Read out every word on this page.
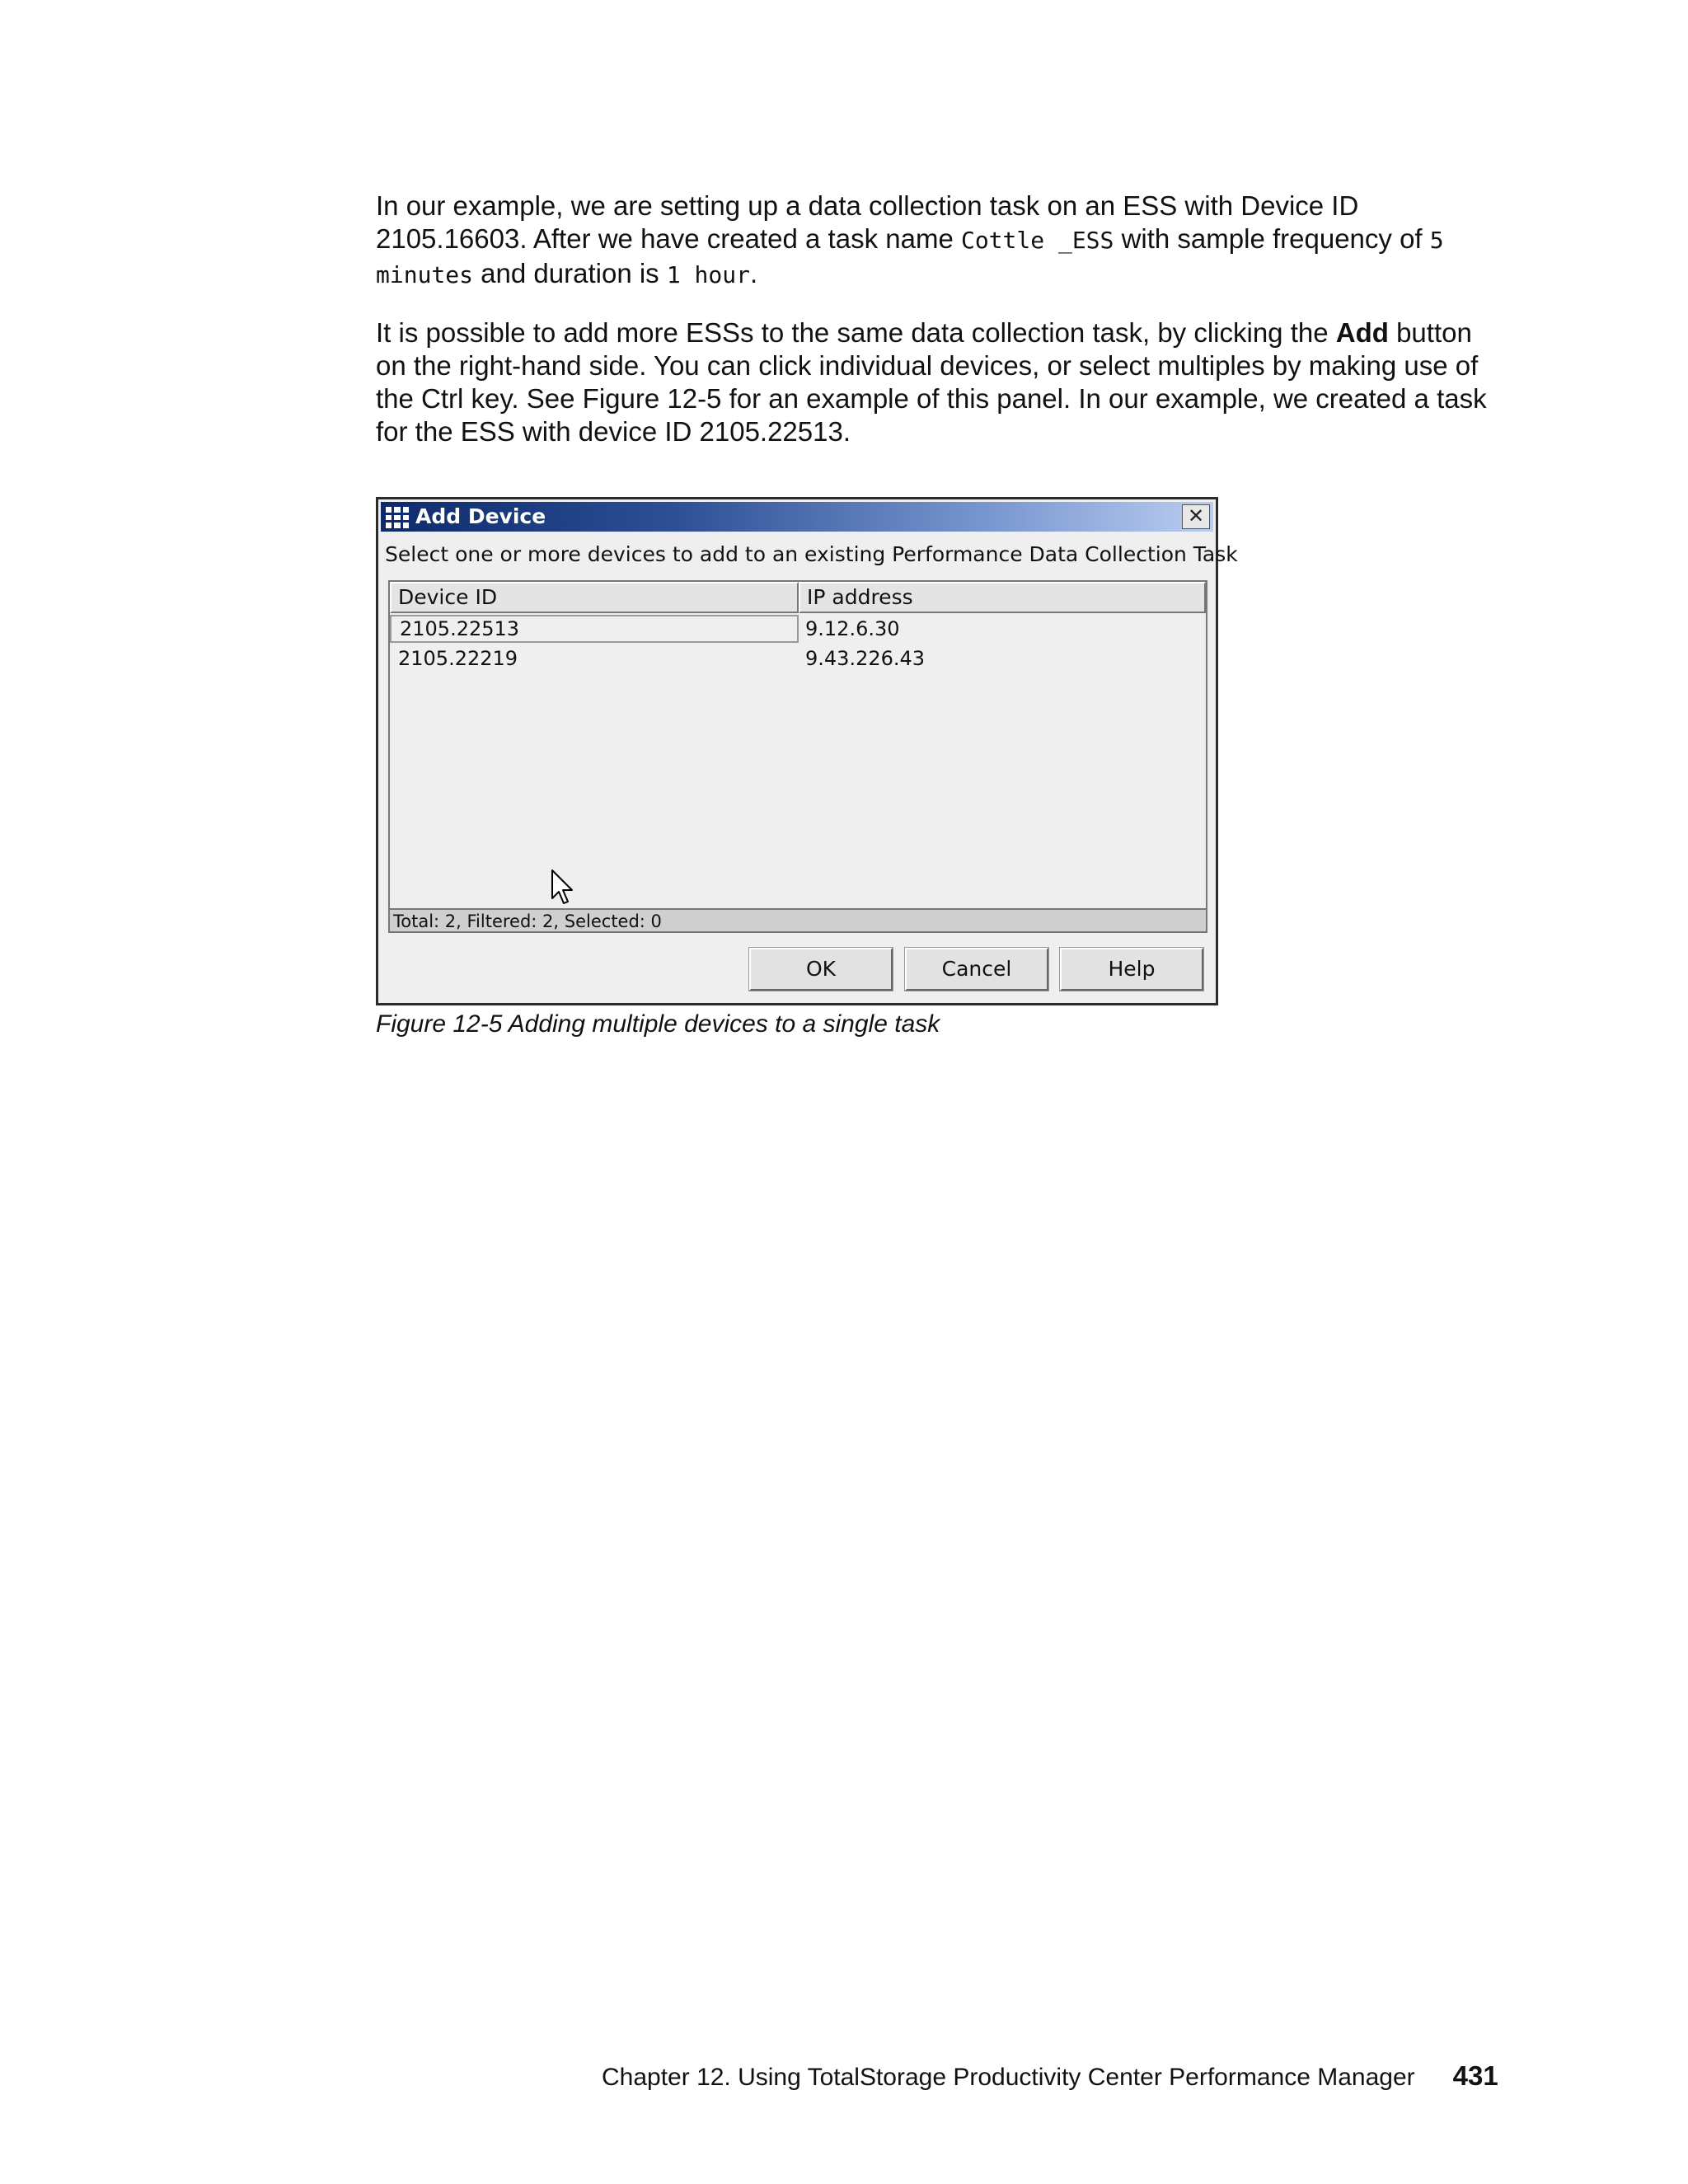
In our example, we are setting up a data collection task on an ESS with Device ID 2105.16603. After we have created a task name Cottle _ESS with sample frequency of 5 minutes and duration is 1 hour.
It is possible to add more ESSs to the same data collection task, by clicking the Add button on the right-hand side. You can click individual devices, or select multiples by making use of the Ctrl key. See Figure 12-5 for an example of this panel. In our example, we created a task for the ESS with device ID 2105.22513.
Add Device	✕
Select one or more devices to add to an existing Performance Data Collection Task
Device ID	IP address
2105.22513	9.12.6.30
2105.22219	9.43.226.43
Total: 2, Filtered: 2, Selected: 0
OK	Cancel	Help
Figure 12-5 Adding multiple devices to a single task
Chapter 12. Using TotalStorage Productivity Center Performance Manager 431
